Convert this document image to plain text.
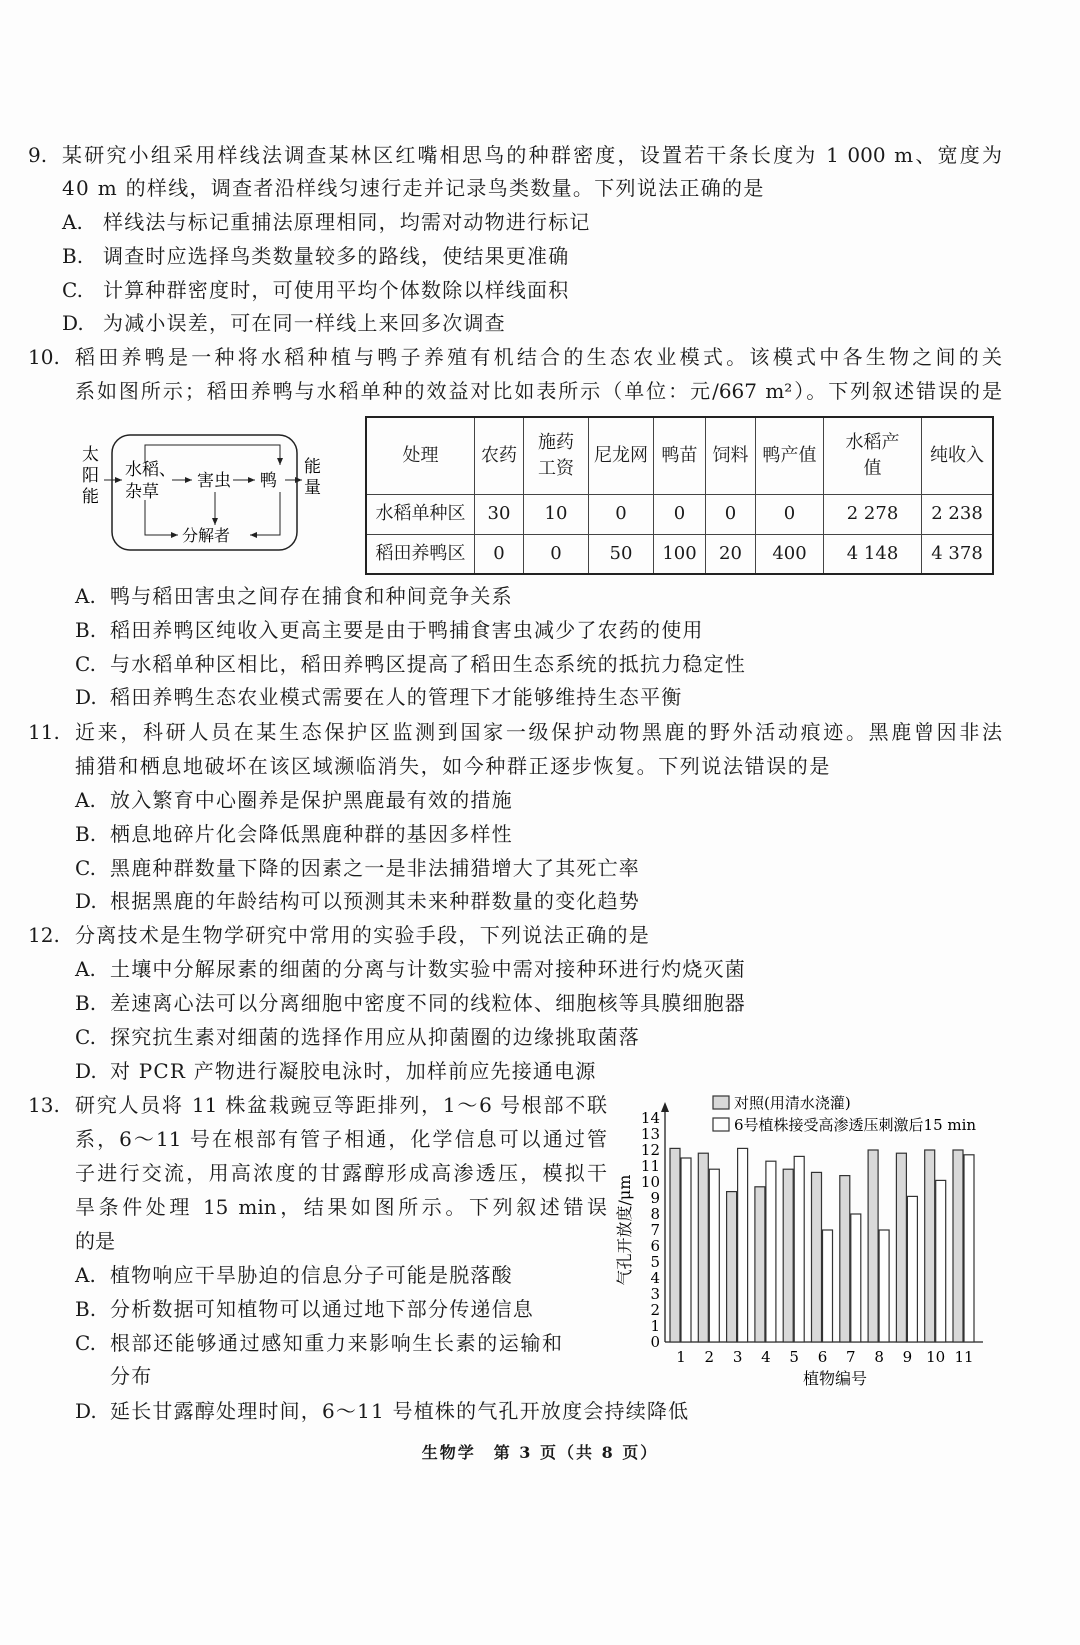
9. 某研究小组采用样线法调查某林区红嘴相思鸟的种群密度，设置若干条长度为 1 000 m、宽度为
40 m 的样线，调查者沿样线匀速行走并记录鸟类数量。下列说法正确的是
A. 样线法与标记重捕法原理相同，均需对动物进行标记
B. 调查时应选择鸟类数量较多的路线，使结果更准确
C. 计算种群密度时，可使用平均个体数除以样线面积
D. 为减小误差，可在同一样线上来回多次调查
10. 稻田养鸭是一种将水稻种植与鸭子养殖有机结合的生态农业模式。该模式中各生物之间的关
系如图所示；稻田养鸭与水稻单种的效益对比如表所示（单位：元/667 m²）。下列叙述错误的是
太
阳
能
水稻、
杂草
害虫 鸭
能
量
分解者
处理	农药	施药工资	尼龙网	鸭苗	饲料	鸭产值	水稻产值	纯收入
水稻单种区	30	10	0	0	0	0	2 278	2 238
稻田养鸭区	0	0	50	100	20	400	4 148	4 378
A. 鸭与稻田害虫之间存在捕食和种间竞争关系
B. 稻田养鸭区纯收入更高主要是由于鸭捕食害虫减少了农药的使用
C. 与水稻单种区相比，稻田养鸭区提高了稻田生态系统的抵抗力稳定性
D. 稻田养鸭生态农业模式需要在人的管理下才能够维持生态平衡
11. 近来，科研人员在某生态保护区监测到国家一级保护动物黑鹿的野外活动痕迹。黑鹿曾因非法
捕猎和栖息地破坏在该区域濒临消失，如今种群正逐步恢复。下列说法错误的是
A. 放入繁育中心圈养是保护黑鹿最有效的措施
B. 栖息地碎片化会降低黑鹿种群的基因多样性
C. 黑鹿种群数量下降的因素之一是非法捕猎增大了其死亡率
D. 根据黑鹿的年龄结构可以预测其未来种群数量的变化趋势
12. 分离技术是生物学研究中常用的实验手段，下列说法正确的是
A. 土壤中分解尿素的细菌的分离与计数实验中需对接种环进行灼烧灭菌
B. 差速离心法可以分离细胞中密度不同的线粒体、细胞核等具膜细胞器
C. 探究抗生素对细菌的选择作用应从抑菌圈的边缘挑取菌落
D. 对 PCR 产物进行凝胶电泳时，加样前应先接通电源
13. 研究人员将 11 株盆栽豌豆等距排列，1～6 号根部不联
系，6～11 号在根部有管子相通，化学信息可以通过管
子进行交流，用高浓度的甘露醇形成高渗透压，模拟干
旱条件处理 15 min，结果如图所示。下列叙述错误
的是
A. 植物响应干旱胁迫的信息分子可能是脱落酸
B. 分析数据可知植物可以通过地下部分传递信息
C. 根部还能够通过感知重力来影响生长素的运输和
分布
D. 延长甘露醇处理时间，6～11 号植株的气孔开放度会持续降低
0
1
2
3
4
5
6
7
8
9
10
11
12
13
14
1 2 3 4 5 6 7 8 9 10 11
气孔开放度/μm
植物编号
对照(用清水浇灌)
6号植株接受高渗透压刺激后15 min
生物学　第 3 页（共 8 页）
